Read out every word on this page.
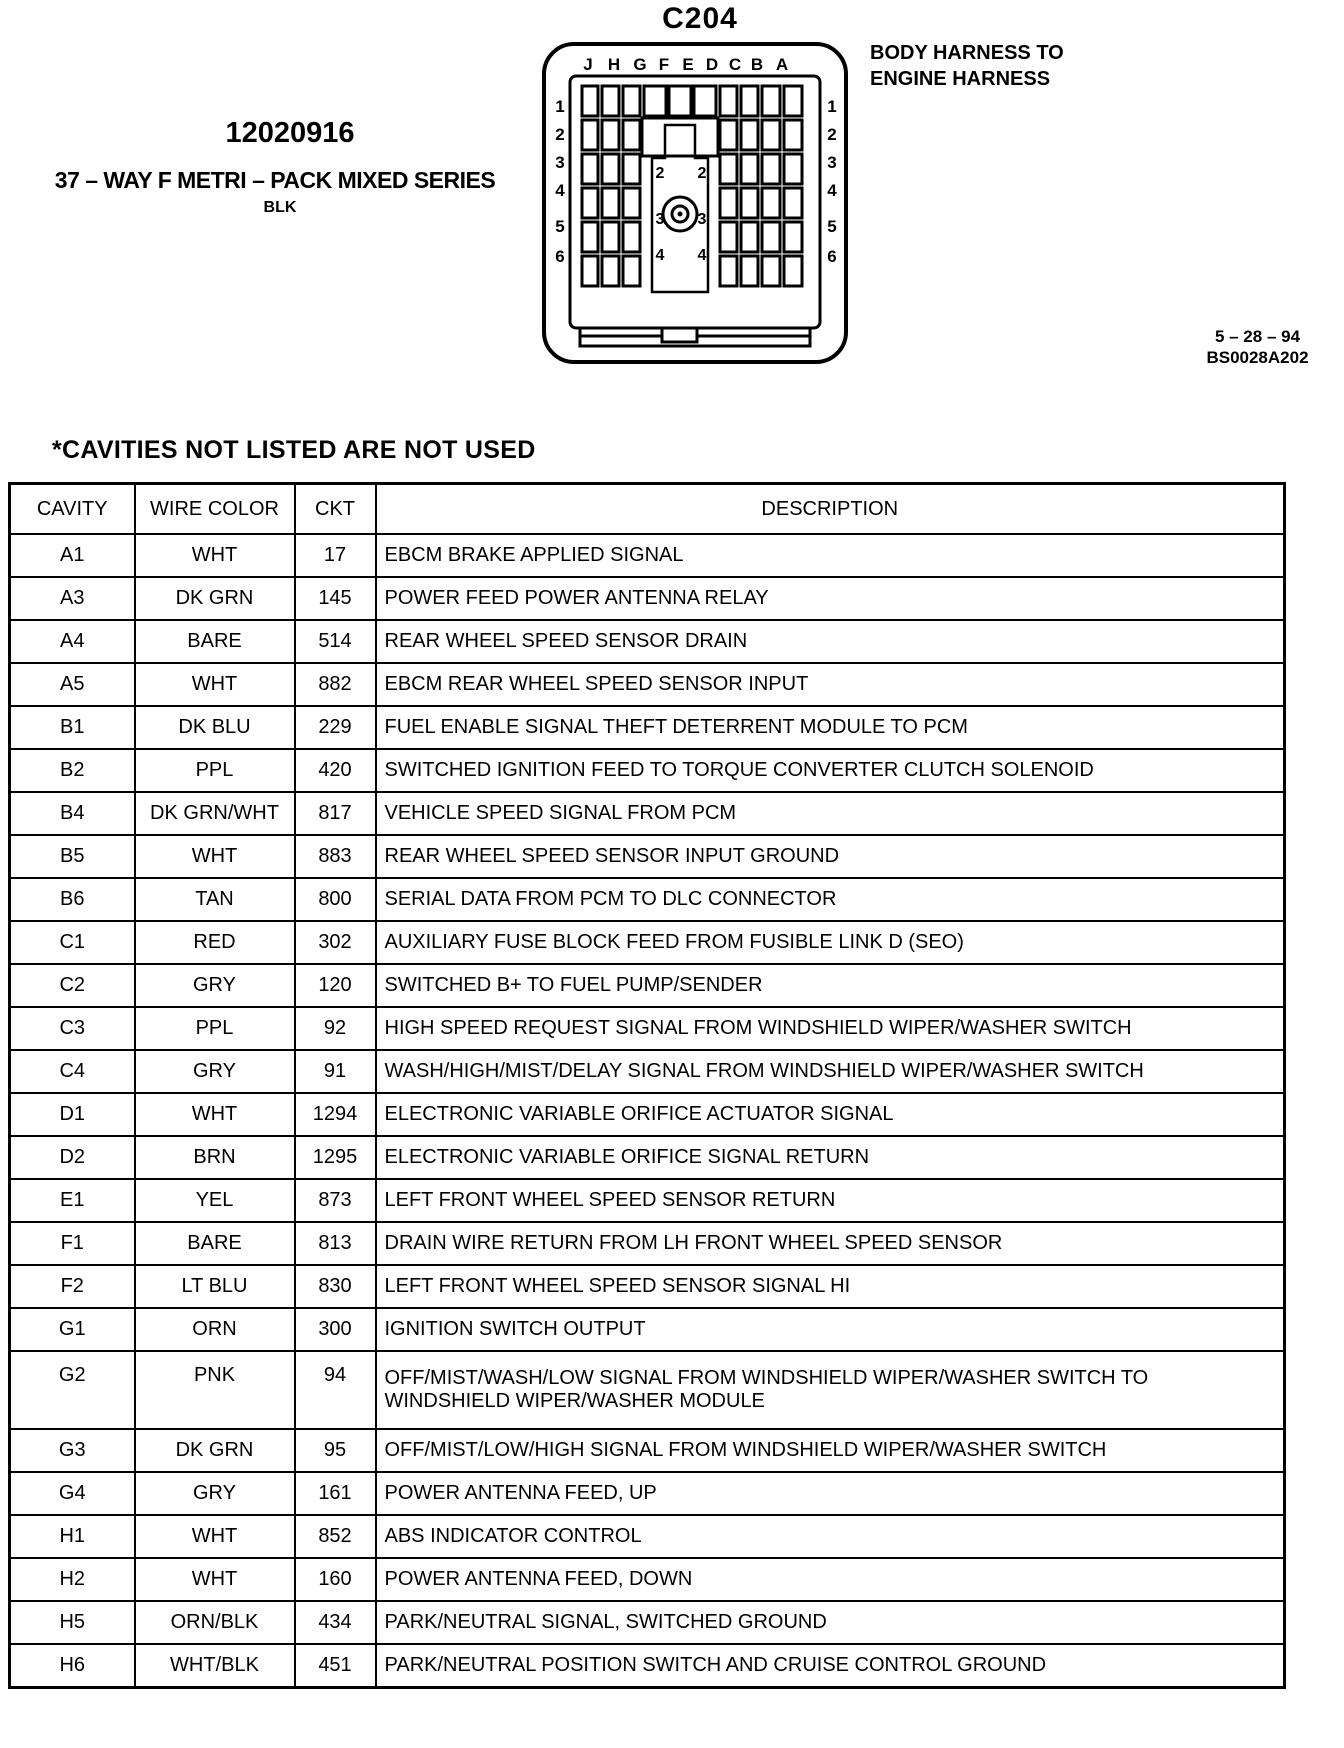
C204
12020916
37 – WAY F METRI – PACK MIXED SERIES
BLK
BODY HARNESS TO
ENGINE HARNESS
5 – 28 – 94
BS0028A202
J H G F E D C B A
1	1
2	2
3	3
4	4
5	5
6	6
2 2
3 3
4 4
*CAVITIES NOT LISTED ARE NOT USED
CAVITY	WIRE COLOR	CKT	DESCRIPTION
A1	WHT	17	EBCM BRAKE APPLIED SIGNAL
A3	DK GRN	145	POWER FEED POWER ANTENNA RELAY
A4	BARE	514	REAR WHEEL SPEED SENSOR DRAIN
A5	WHT	882	EBCM REAR WHEEL SPEED SENSOR INPUT
B1	DK BLU	229	FUEL ENABLE SIGNAL THEFT DETERRENT MODULE TO PCM
B2	PPL	420	SWITCHED IGNITION FEED TO TORQUE CONVERTER CLUTCH SOLENOID
B4	DK GRN/WHT	817	VEHICLE SPEED SIGNAL FROM PCM
B5	WHT	883	REAR WHEEL SPEED SENSOR INPUT GROUND
B6	TAN	800	SERIAL DATA FROM PCM TO DLC CONNECTOR
C1	RED	302	AUXILIARY FUSE BLOCK FEED FROM FUSIBLE LINK D (SEO)
C2	GRY	120	SWITCHED B+ TO FUEL PUMP/SENDER
C3	PPL	92	HIGH SPEED REQUEST SIGNAL FROM WINDSHIELD WIPER/WASHER SWITCH
C4	GRY	91	WASH/HIGH/MIST/DELAY SIGNAL FROM WINDSHIELD WIPER/WASHER SWITCH
D1	WHT	1294	ELECTRONIC VARIABLE ORIFICE ACTUATOR SIGNAL
D2	BRN	1295	ELECTRONIC VARIABLE ORIFICE SIGNAL RETURN
E1	YEL	873	LEFT FRONT WHEEL SPEED SENSOR RETURN
F1	BARE	813	DRAIN WIRE RETURN FROM LH FRONT WHEEL SPEED SENSOR
F2	LT BLU	830	LEFT FRONT WHEEL SPEED SENSOR SIGNAL HI
G1	ORN	300	IGNITION SWITCH OUTPUT
G2	PNK	94	OFF/MIST/WASH/LOW SIGNAL FROM WINDSHIELD WIPER/WASHER SWITCH TO WINDSHIELD WIPER/WASHER MODULE
G3	DK GRN	95	OFF/MIST/LOW/HIGH SIGNAL FROM WINDSHIELD WIPER/WASHER SWITCH
G4	GRY	161	POWER ANTENNA FEED, UP
H1	WHT	852	ABS INDICATOR CONTROL
H2	WHT	160	POWER ANTENNA FEED, DOWN
H5	ORN/BLK	434	PARK/NEUTRAL SIGNAL, SWITCHED GROUND
H6	WHT/BLK	451	PARK/NEUTRAL POSITION SWITCH AND CRUISE CONTROL GROUND
